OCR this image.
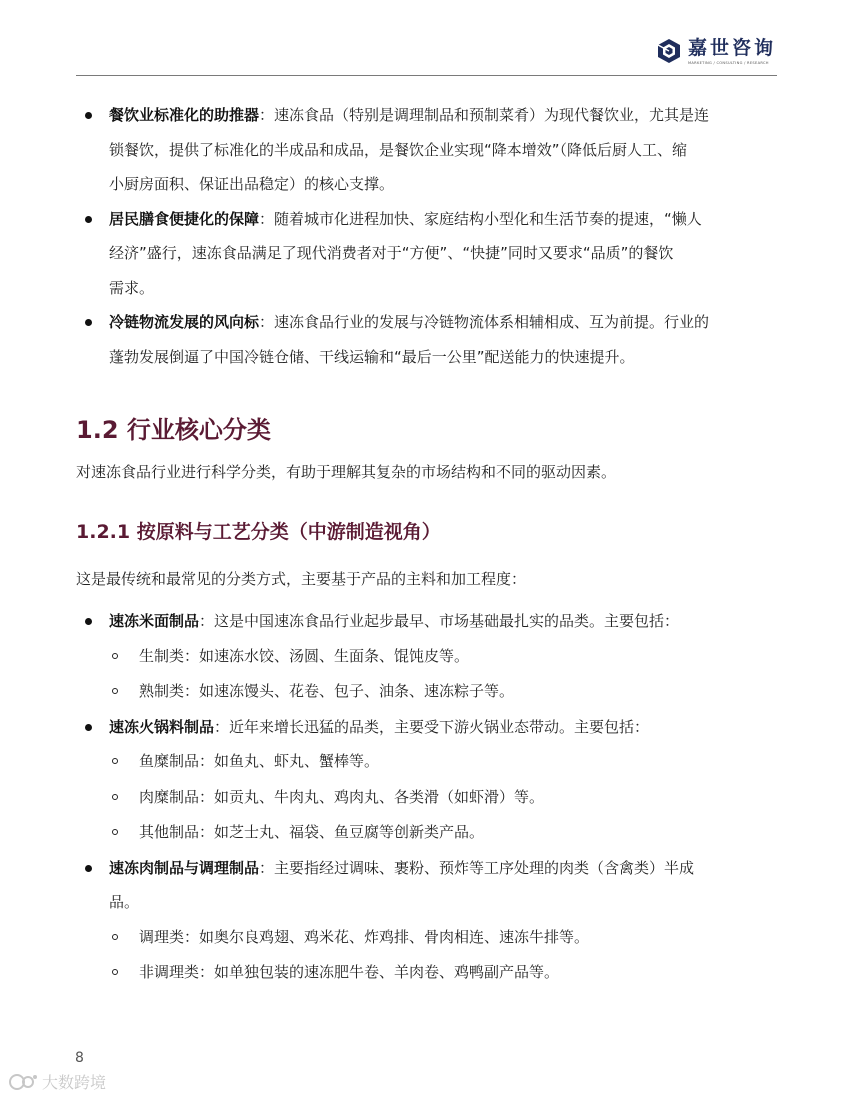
嘉世咨询
MARKETING / CONSULTING / RESEARCH
餐饮业标准化的助推器：速冻食品（特别是调理制品和预制菜肴）为现代餐饮业，尤其是连
锁餐饮，提供了标准化的半成品和成品，是餐饮企业实现“降本增效”（降低后厨人工、缩
小厨房面积、保证出品稳定）的核心支撑。
居民膳食便捷化的保障：随着城市化进程加快、家庭结构小型化和生活节奏的提速，“懒人
经济”盛行，速冻食品满足了现代消费者对于“方便”、“快捷”同时又要求“品质”的餐饮
需求。
冷链物流发展的风向标：速冻食品行业的发展与冷链物流体系相辅相成、互为前提。行业的
蓬勃发展倒逼了中国冷链仓储、干线运输和“最后一公里”配送能力的快速提升。
1.2 行业核心分类
对速冻食品行业进行科学分类，有助于理解其复杂的市场结构和不同的驱动因素。
1.2.1 按原料与工艺分类（中游制造视角）
这是最传统和最常见的分类方式，主要基于产品的主料和加工程度：
速冻米面制品：这是中国速冻食品行业起步最早、市场基础最扎实的品类。主要包括：
生制类：如速冻水饺、汤圆、生面条、馄饨皮等。
熟制类：如速冻馒头、花卷、包子、油条、速冻粽子等。
速冻火锅料制品：近年来增长迅猛的品类，主要受下游火锅业态带动。主要包括：
鱼糜制品：如鱼丸、虾丸、蟹棒等。
肉糜制品：如贡丸、牛肉丸、鸡肉丸、各类滑（如虾滑）等。
其他制品：如芝士丸、福袋、鱼豆腐等创新类产品。
速冻肉制品与调理制品：主要指经过调味、裹粉、预炸等工序处理的肉类（含禽类）半成
品。
调理类：如奥尔良鸡翅、鸡米花、炸鸡排、骨肉相连、速冻牛排等。
非调理类：如单独包装的速冻肥牛卷、羊肉卷、鸡鸭副产品等。
8
大数跨境
